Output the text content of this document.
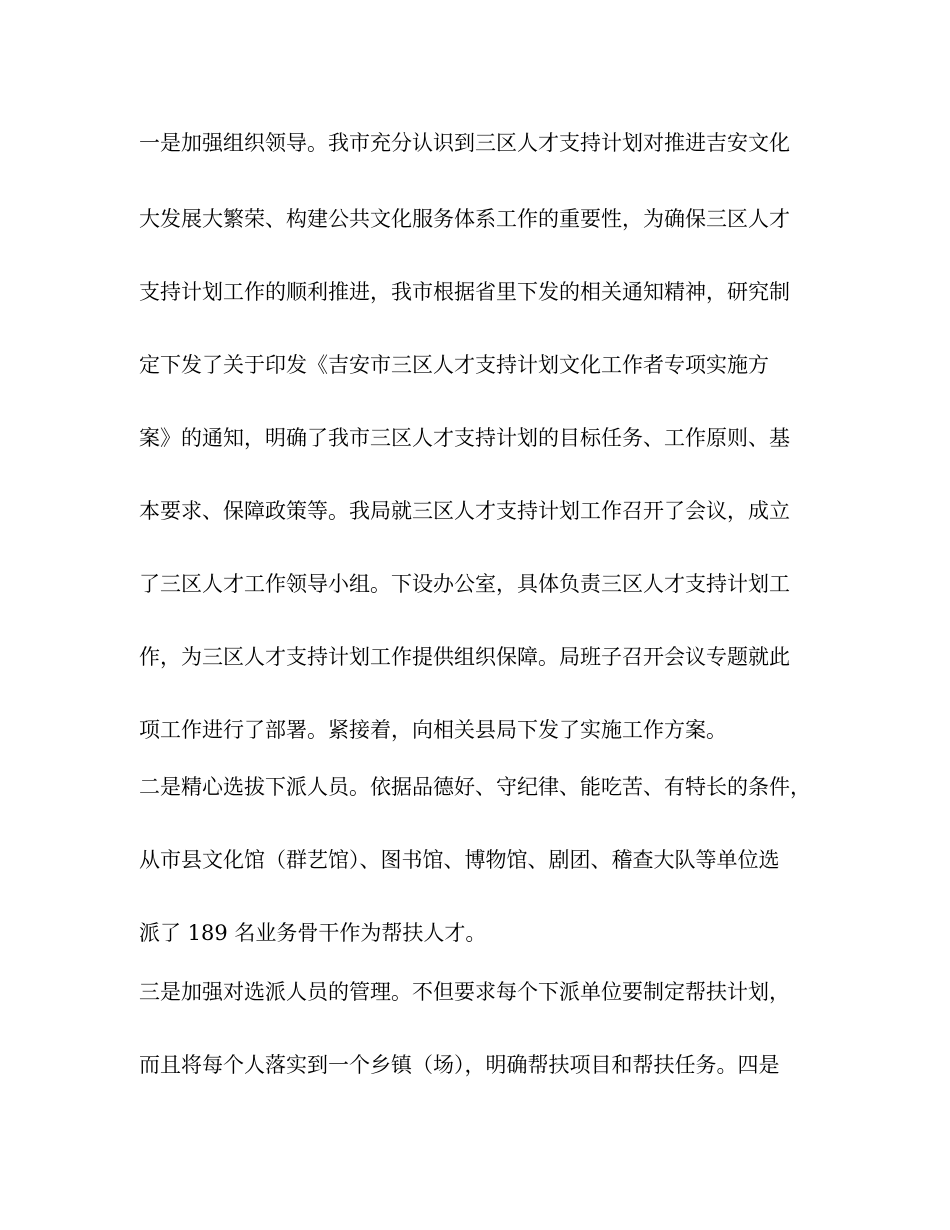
一是加强组织领导。我市充分认识到三区人才支持计划对推进吉安文化
大发展大繁荣、构建公共文化服务体系工作的重要性，为确保三区人才
支持计划工作的顺利推进，我市根据省里下发的相关通知精神，研究制
定下发了关于印发《吉安市三区人才支持计划文化工作者专项实施方
案》的通知，明确了我市三区人才支持计划的目标任务、工作原则、基
本要求、保障政策等。我局就三区人才支持计划工作召开了会议，成立
了三区人才工作领导小组。下设办公室，具体负责三区人才支持计划工
作，为三区人才支持计划工作提供组织保障。局班子召开会议专题就此
项工作进行了部署。紧接着，向相关县局下发了实施工作方案。
二是精心选拔下派人员。依据品德好、守纪律、能吃苦、有特长的条件，
从市县文化馆（群艺馆）、图书馆、博物馆、剧团、稽查大队等单位选
派了 189 名业务骨干作为帮扶人才。
三是加强对选派人员的管理。不但要求每个下派单位要制定帮扶计划，
而且将每个人落实到一个乡镇（场），明确帮扶项目和帮扶任务。四是
